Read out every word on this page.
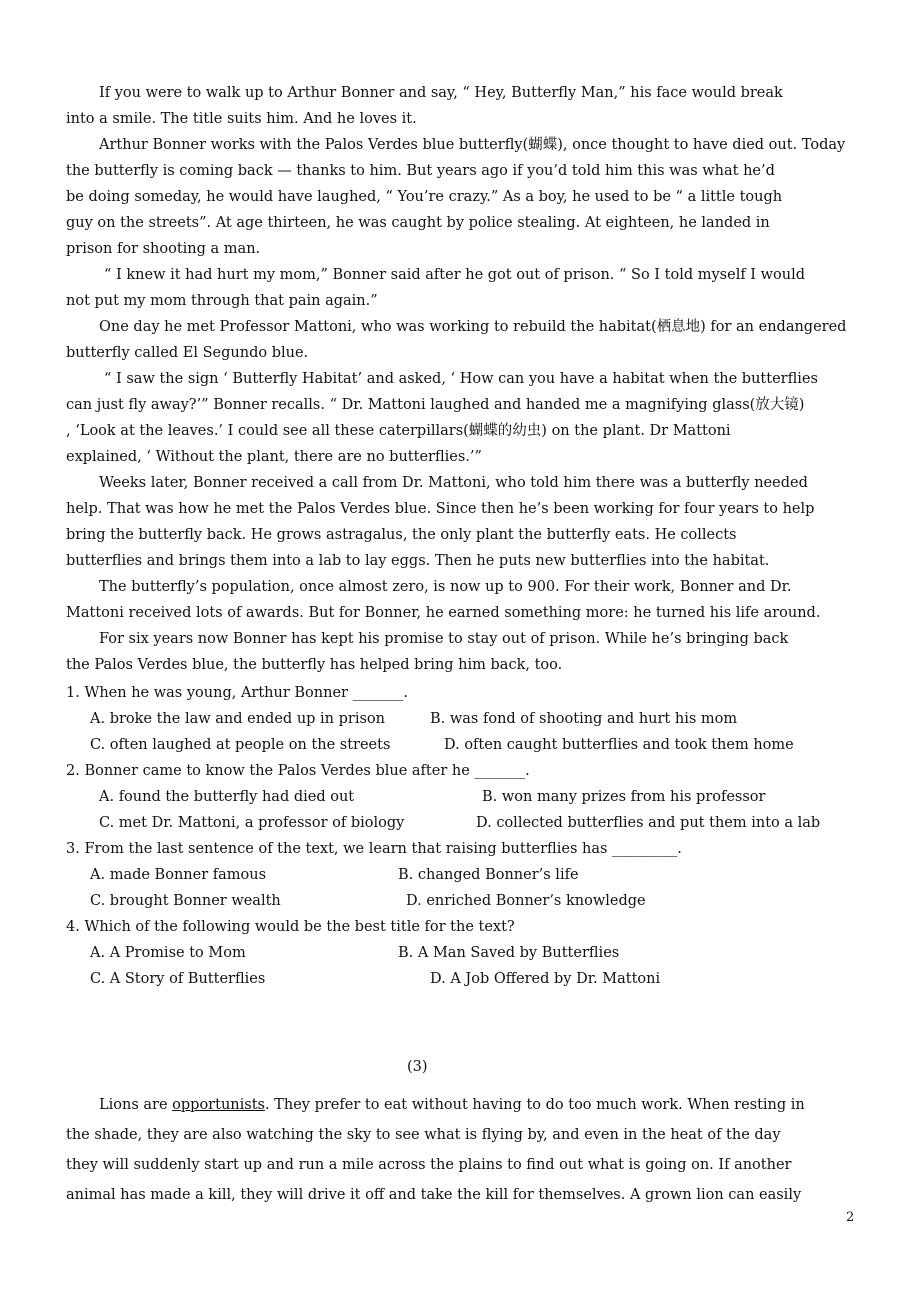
If you were to walk up to Arthur Bonner and say, “ Hey, Butterfly Man,” his face would break
into a smile. The title suits him. And he loves it.
Arthur Bonner works with the Palos Verdes blue butterfly(蝴蝶), once thought to have died out. Today
the butterfly is coming back — thanks to him. But years ago if you’d told him this was what he’d
be doing someday, he would have laughed, “ You’re crazy.” As a boy, he used to be “ a little tough
guy on the streets”. At age thirteen, he was caught by police stealing. At eighteen, he landed in
prison for shooting a man.
“ I knew it had hurt my mom,” Bonner said after he got out of prison. “ So I told myself I would
not put my mom through that pain again.”
One day he met Professor Mattoni, who was working to rebuild the habitat(栖息地) for an endangered
butterfly called El Segundo blue.
“ I saw the sign ‘ Butterfly Habitat’ and asked, ‘ How can you have a habitat when the butterflies
can just fly away?’” Bonner recalls. “ Dr. Mattoni laughed and handed me a magnifying glass(放大镜)
, ‘Look at the leaves.’ I could see all these caterpillars(蝴蝶的幼虫) on the plant. Dr Mattoni
explained, ‘ Without the plant, there are no butterflies.’”
Weeks later, Bonner received a call from Dr. Mattoni, who told him there was a butterfly needed
help. That was how he met the Palos Verdes blue. Since then he’s been working for four years to help
bring the butterfly back. He grows astragalus, the only plant the butterfly eats. He collects
butterflies and brings them into a lab to lay eggs. Then he puts new butterflies into the habitat.
The butterfly’s population, once almost zero, is now up to 900. For their work, Bonner and Dr.
Mattoni received lots of awards. But for Bonner, he earned something more: he turned his life around.
For six years now Bonner has kept his promise to stay out of prison. While he’s bringing back
the Palos Verdes blue, the butterfly has helped bring him back, too.
1. When he was young, Arthur Bonner _______.
A. broke the law and ended up in prison	B. was fond of shooting and hurt his mom
C. often laughed at people on the streets	D. often caught butterflies and took them home
2. Bonner came to know the Palos Verdes blue after he _______.
A. found the butterfly had died out	B. won many prizes from his professor
C. met Dr. Mattoni, a professor of biology	D. collected butterflies and put them into a lab
3. From the last sentence of the text, we learn that raising butterflies has _________.
A. made Bonner famous	B. changed Bonner’s life
C. brought Bonner wealth	D. enriched Bonner’s knowledge
4. Which of the following would be the best title for the text?
A. A Promise to Mom	B. A Man Saved by Butterflies
C. A Story of Butterflies	D. A Job Offered by Dr. Mattoni
(3)
Lions are opportunists. They prefer to eat without having to do too much work. When resting in
the shade, they are also watching the sky to see what is flying by, and even in the heat of the day
they will suddenly start up and run a mile across the plains to find out what is going on. If another
animal has made a kill, they will drive it off and take the kill for themselves. A grown lion can easily
2
